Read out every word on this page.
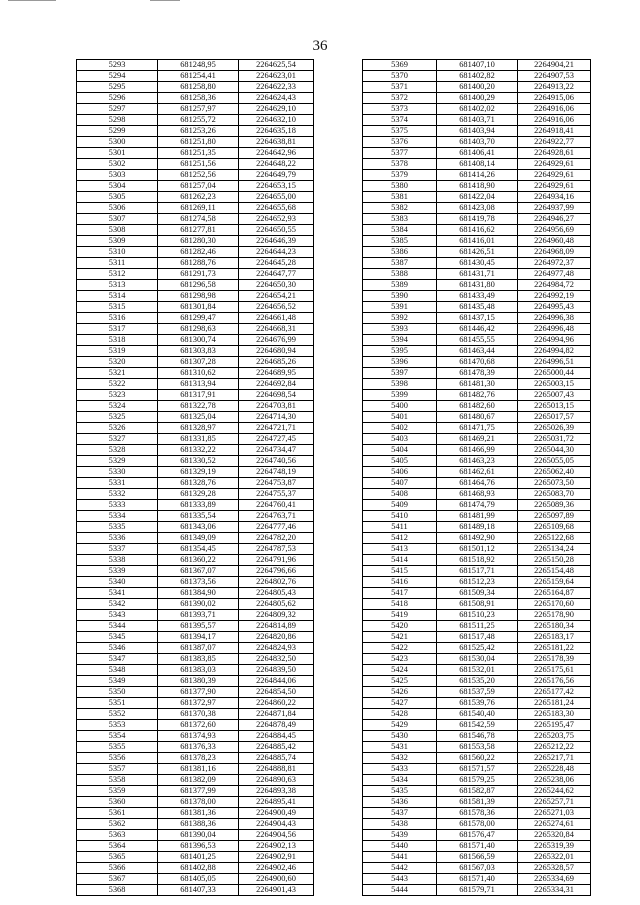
36
5293	681248,95	2264625,54
5294	681254,41	2264623,01
5295	681258,80	2264622,33
5296	681258,36	2264624,43
5297	681257,97	2264629,10
5298	681255,72	2264632,10
5299	681253,26	2264635,18
5300	681251,80	2264638,81
5301	681251,35	2264642,96
5302	681251,56	2264648,22
5303	681252,56	2264649,79
5304	681257,04	2264653,15
5305	681262,23	2264655,00
5306	681269,11	2264655,68
5307	681274,58	2264652,93
5308	681277,81	2264650,55
5309	681280,30	2264646,39
5310	681282,46	2264644,23
5311	681288,76	2264645,28
5312	681291,73	2264647,77
5313	681296,58	2264650,30
5314	681298,98	2264654,21
5315	681301,84	2264656,52
5316	681299,47	2264661,48
5317	681298,63	2264668,31
5318	681300,74	2264676,99
5319	681303,83	2264680,94
5320	681307,28	2264685,26
5321	681310,62	2264689,95
5322	681313,94	2264692,84
5323	681317,91	2264698,54
5324	681322,78	2264703,81
5325	681325,04	2264714,30
5326	681328,97	2264721,71
5327	681331,85	2264727,45
5328	681332,22	2264734,47
5329	681330,52	2264740,56
5330	681329,19	2264748,19
5331	681328,76	2264753,87
5332	681329,28	2264755,37
5333	681333,89	2264760,41
5334	681335,54	2264763,71
5335	681343,06	2264777,46
5336	681349,09	2264782,20
5337	681354,45	2264787,53
5338	681360,22	2264791,96
5339	681367,07	2264796,66
5340	681373,56	2264802,76
5341	681384,90	2264805,43
5342	681390,02	2264805,62
5343	681393,71	2264809,32
5344	681395,57	2264814,89
5345	681394,17	2264820,86
5346	681387,07	2264824,93
5347	681383,85	2264832,50
5348	681383,03	2264839,50
5349	681380,39	2264844,06
5350	681377,90	2264854,50
5351	681372,97	2264860,22
5352	681370,38	2264871,84
5353	681372,60	2264878,49
5354	681374,93	2264884,45
5355	681376,33	2264885,42
5356	681378,23	2264885,74
5357	681381,16	2264888,81
5358	681382,09	2264890,63
5359	681377,99	2264893,38
5360	681378,00	2264895,41
5361	681381,36	2264900,49
5362	681388,36	2264904,43
5363	681390,04	2264904,56
5364	681396,53	2264902,13
5365	681401,25	2264902,91
5366	681402,88	2264902,46
5367	681405,05	2264900,60
5368	681407,33	2264901,43
5369	681407,10	2264904,21
5370	681402,82	2264907,53
5371	681400,20	2264913,22
5372	681400,29	2264915,06
5373	681402,02	2264916,06
5374	681403,71	2264916,06
5375	681403,94	2264918,41
5376	681403,70	2264922,77
5377	681406,41	2264928,61
5378	681408,14	2264929,61
5379	681414,26	2264929,61
5380	681418,90	2264929,61
5381	681422,04	2264934,16
5382	681423,08	2264937,99
5383	681419,78	2264946,27
5384	681416,62	2264956,69
5385	681416,01	2264960,48
5386	681426,51	2264968,09
5387	681430,45	2264972,37
5388	681431,71	2264977,48
5389	681431,80	2264984,72
5390	681433,49	2264992,19
5391	681435,48	2264995,43
5392	681437,15	2264996,38
5393	681446,42	2264996,48
5394	681455,55	2264994,96
5395	681463,44	2264994,82
5396	681470,68	2264996,51
5397	681478,39	2265000,44
5398	681481,30	2265003,15
5399	681482,76	2265007,43
5400	681482,60	2265013,15
5401	681480,67	2265017,57
5402	681471,75	2265026,39
5403	681469,21	2265031,72
5404	681466,99	2265044,30
5405	681463,23	2265055,05
5406	681462,61	2265062,40
5407	681464,76	2265073,50
5408	681468,93	2265083,70
5409	681474,79	2265089,36
5410	681481,99	2265097,89
5411	681489,18	2265109,68
5412	681492,90	2265122,68
5413	681501,12	2265134,24
5414	681518,92	2265150,28
5415	681517,71	2265154,48
5416	681512,23	2265159,64
5417	681509,34	2265164,87
5418	681508,91	2265170,60
5419	681510,23	2265178,90
5420	681511,25	2265180,34
5421	681517,48	2265183,17
5422	681525,42	2265181,22
5423	681530,04	2265178,39
5424	681532,01	2265175,61
5425	681535,20	2265176,56
5426	681537,59	2265177,42
5427	681539,76	2265181,24
5428	681540,40	2265183,30
5429	681542,59	2265195,47
5430	681546,78	2265203,75
5431	681553,58	2265212,22
5432	681560,22	2265217,71
5433	681571,57	2265228,48
5434	681579,25	2265238,06
5435	681582,87	2265244,62
5436	681581,39	2265257,71
5437	681578,36	2265271,03
5438	681578,00	2265274,61
5439	681576,47	2265320,84
5440	681571,40	2265319,39
5441	681566,59	2265322,01
5442	681567,03	2265328,57
5443	681571,40	2265334,69
5444	681579,71	2265334,31
